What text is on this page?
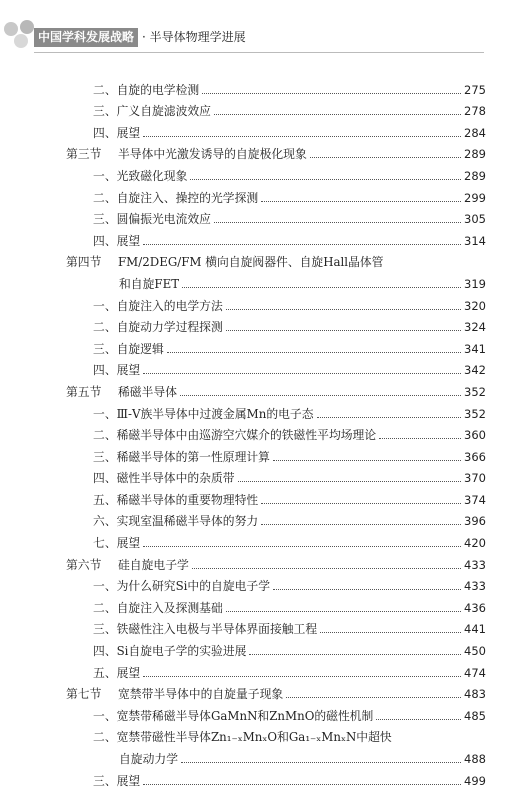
中国学科发展战略 · 半导体物理学进展
二、自旋的电学检测	275
三、广义自旋滤波效应	278
四、展望	284
第三节 半导体中光激发诱导的自旋极化现象	289
一、光致磁化现象	289
二、自旋注入、操控的光学探测	299
三、圆偏振光电流效应	305
四、展望	314
第四节 FM/2DEG/FM 横向自旋阀器件、自旋Hall晶体管
和自旋FET	319
一、自旋注入的电学方法	320
二、自旋动力学过程探测	324
三、自旋逻辑	341
四、展望	342
第五节 稀磁半导体	352
一、Ⅲ-Ⅴ族半导体中过渡金属Mn的电子态	352
二、稀磁半导体中由巡游空穴媒介的铁磁性平均场理论	360
三、稀磁半导体的第一性原理计算	366
四、磁性半导体中的杂质带	370
五、稀磁半导体的重要物理特性	374
六、实现室温稀磁半导体的努力	396
七、展望	420
第六节 硅自旋电子学	433
一、为什么研究Si中的自旋电子学	433
二、自旋注入及探测基础	436
三、铁磁性注入电极与半导体界面接触工程	441
四、Si自旋电子学的实验进展	450
五、展望	474
第七节 宽禁带半导体中的自旋量子现象	483
一、宽禁带稀磁半导体GaMnN和ZnMnO的磁性机制	485
二、宽禁带磁性半导体Zn₁₋ₓMnₓO和Ga₁₋ₓMnₓN中超快
自旋动力学	488
三、展望	499
